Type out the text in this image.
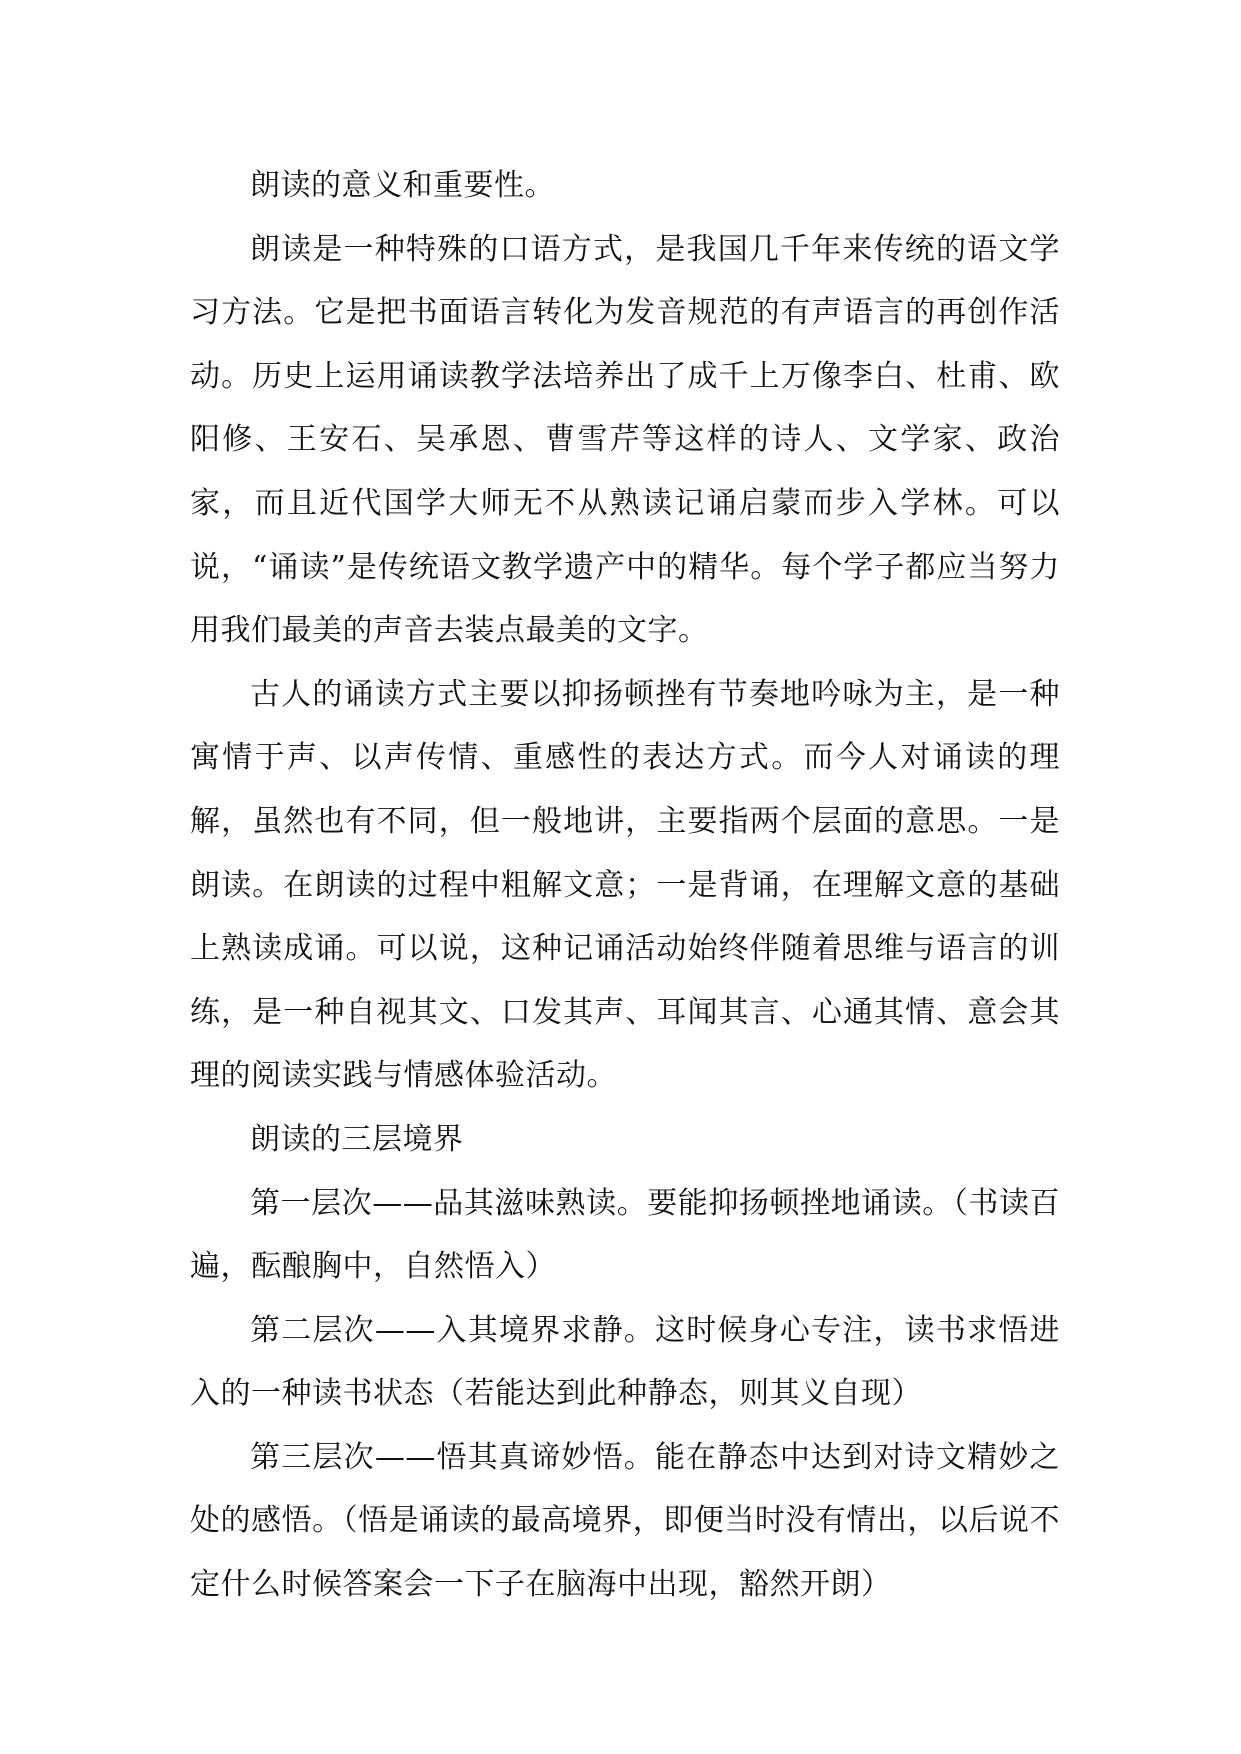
朗读的意义和重要性。

朗读是一种特殊的口语方式，是我国几千年来传统的语文学习方法。它是把书面语言转化为发音规范的有声语言的再创作活动。历史上运用诵读教学法培养出了成千上万像李白、杜甫、欧阳修、王安石、吴承恩、曹雪芹等这样的诗人、文学家、政治家，而且近代国学大师无不从熟读记诵启蒙而步入学林。可以说，“诵读”是传统语文教学遗产中的精华。每个学子都应当努力用我们最美的声音去装点最美的文字。

古人的诵读方式主要以抑扬顿挫有节奏地吟咏为主，是一种寓情于声、以声传情、重感性的表达方式。而今人对诵读的理解，虽然也有不同，但一般地讲，主要指两个层面的意思。一是朗读。在朗读的过程中粗解文意；一是背诵，在理解文意的基础上熟读成诵。可以说，这种记诵活动始终伴随着思维与语言的训练，是一种自视其文、口发其声、耳闻其言、心通其情、意会其理的阅读实践与情感体验活动。

朗读的三层境界

第一层次——品其滋味熟读。要能抑扬顿挫地诵读。（书读百遍，酝酿胸中，自然悟入）

第二层次——入其境界求静。这时候身心专注，读书求悟进入的一种读书状态（若能达到此种静态，则其义自现）

第三层次——悟其真谛妙悟。能在静态中达到对诗文精妙之处的感悟。（悟是诵读的最高境界，即便当时没有情出，以后说不定什么时候答案会一下子在脑海中出现，豁然开朗）
